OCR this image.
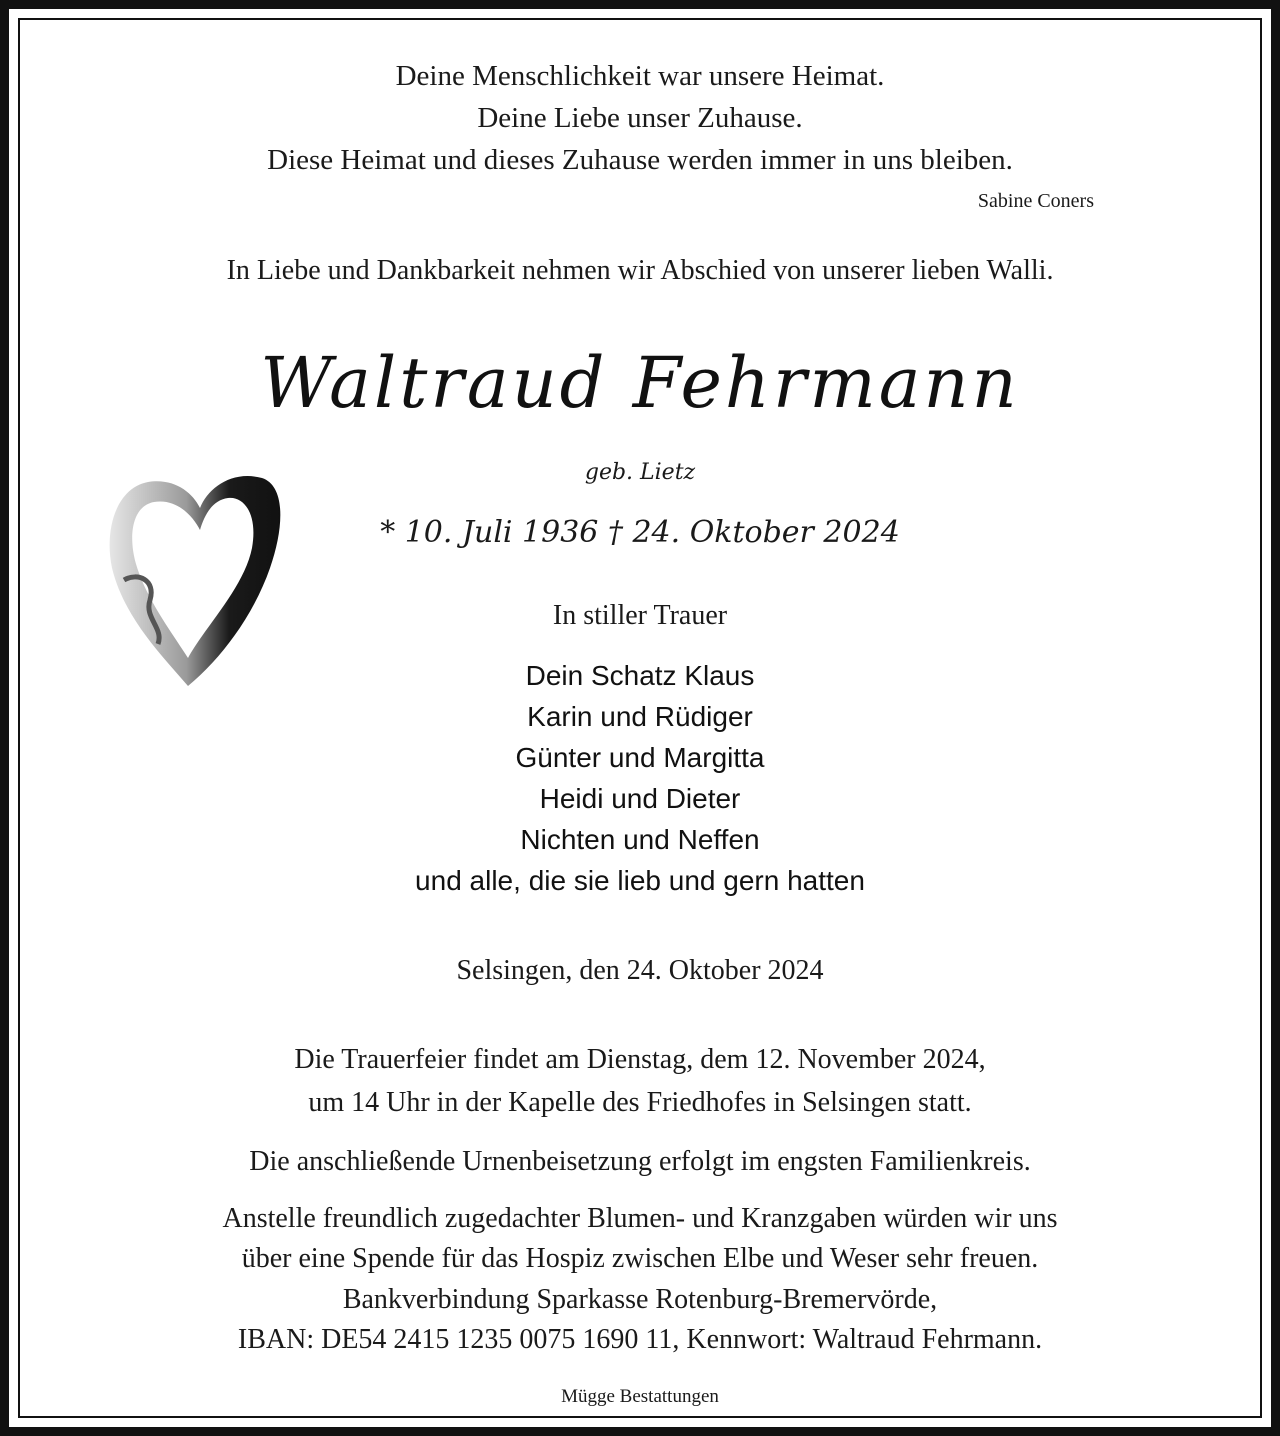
Deine Menschlichkeit war unsere Heimat.
Deine Liebe unser Zuhause.
Diese Heimat und dieses Zuhause werden immer in uns bleiben.
Sabine Coners
In Liebe und Dankbarkeit nehmen wir Abschied von unserer lieben Walli.
Waltraud Fehrmann
geb. Lietz
* 10. Juli 1936 † 24. Oktober 2024
In stiller Trauer
Dein Schatz Klaus
Karin und Rüdiger
Günter und Margitta
Heidi und Dieter
Nichten und Neffen
und alle, die sie lieb und gern hatten
Selsingen, den 24. Oktober 2024
Die Trauerfeier findet am Dienstag, dem 12. November 2024,
um 14 Uhr in der Kapelle des Friedhofes in Selsingen statt.
Die anschließende Urnenbeisetzung erfolgt im engsten Familienkreis.
Anstelle freundlich zugedachter Blumen- und Kranzgaben würden wir uns
über eine Spende für das Hospiz zwischen Elbe und Weser sehr freuen.
Bankverbindung Sparkasse Rotenburg-Bremervörde,
IBAN: DE54 2415 1235 0075 1690 11, Kennwort: Waltraud Fehrmann.
Mügge Bestattungen
